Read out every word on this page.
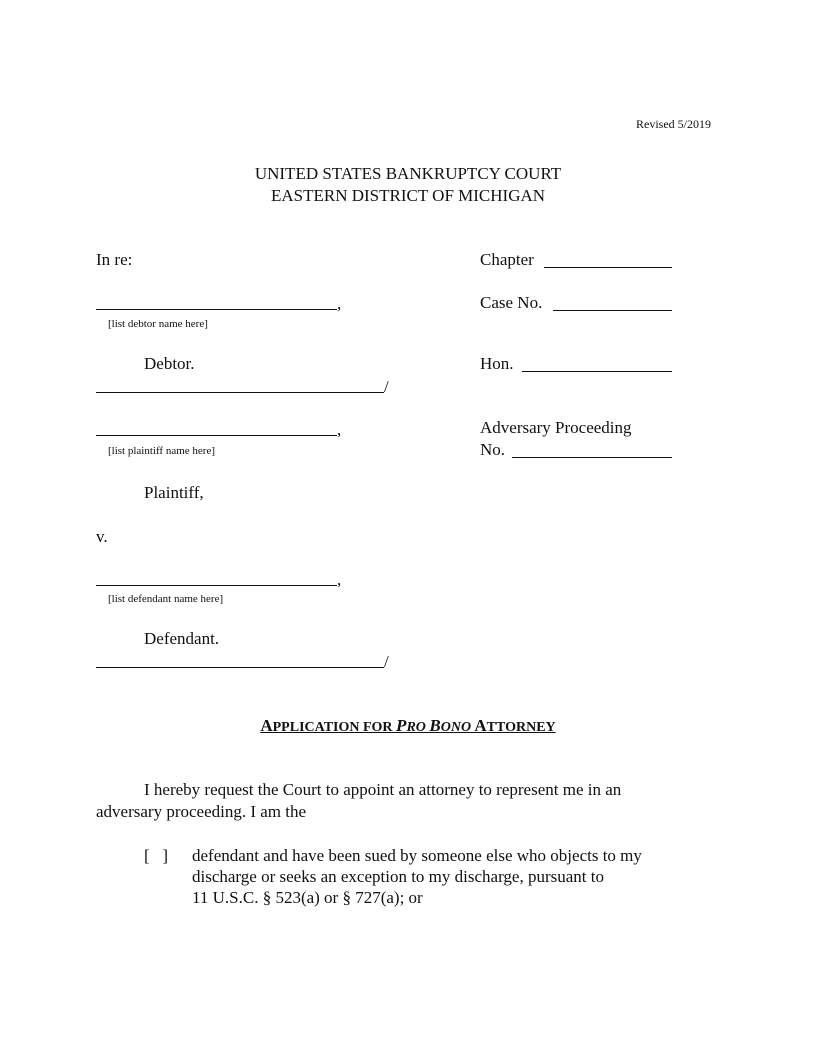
Revised 5/2019
UNITED STATES BANKRUPTCY COURT
EASTERN DISTRICT OF MICHIGAN
In re:
,
[list debtor name here]
Debtor.
/
,
[list plaintiff name here]
Plaintiff,
v.
,
[list defendant name here]
Defendant.
/
Chapter
Case No.
Hon.
Adversary Proceeding
No.
APPLICATION FOR PRO BONO ATTORNEY
I hereby request the Court to appoint an attorney to represent me in an
adversary proceeding. I am the
[   ] defendant and have been sued by someone else who objects to my
discharge or seeks an exception to my discharge, pursuant to
11 U.S.C. § 523(a) or § 727(a); or
